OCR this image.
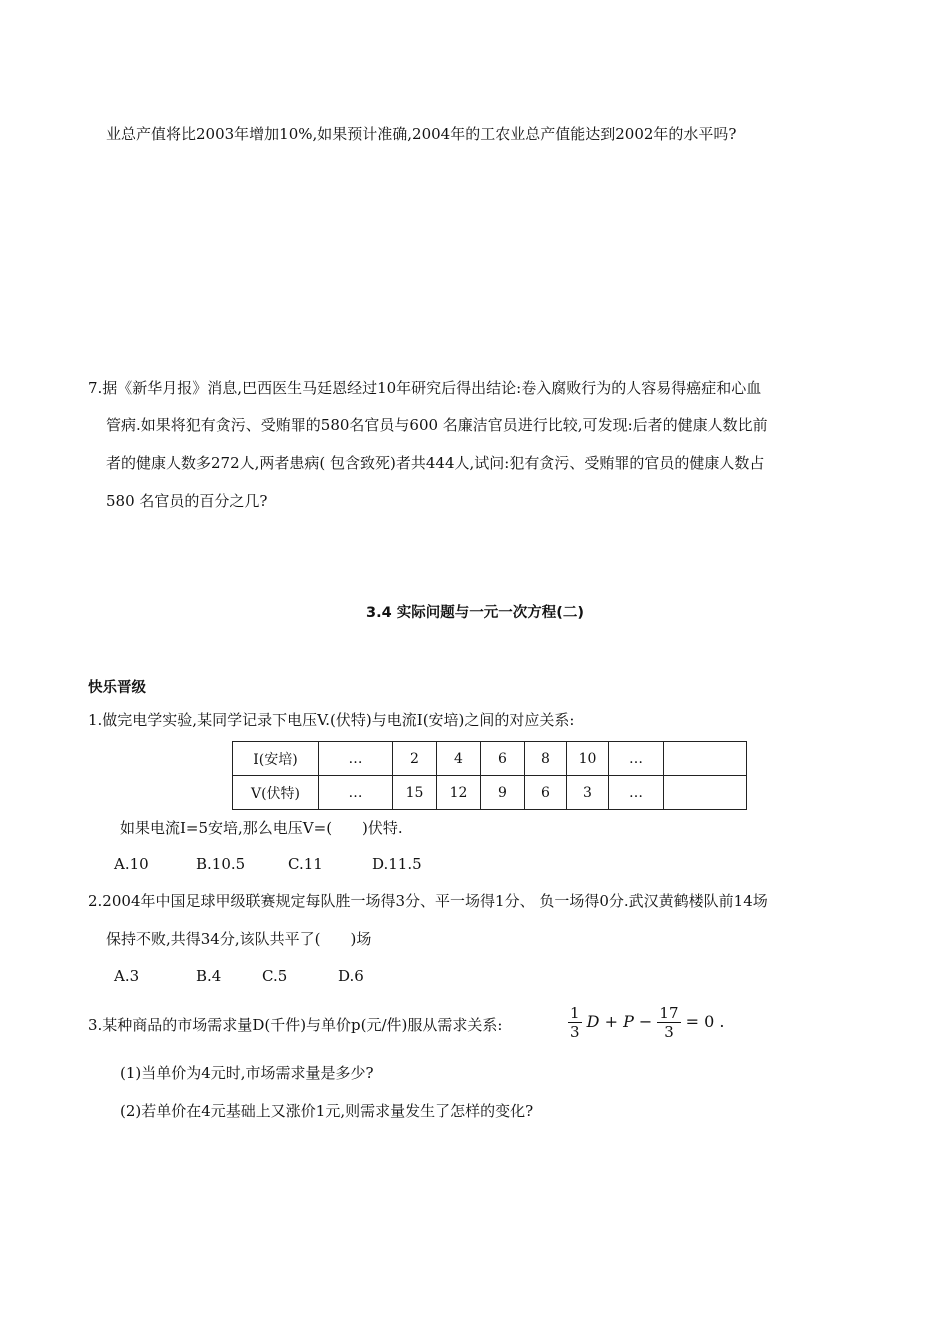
业总产值将比2003年增加10%,如果预计准确,2004年的工农业总产值能达到2002年的水平吗?
7.据《新华月报》消息,巴西医生马廷恩经过10年研究后得出结论:卷入腐败行为的人容易得癌症和心血
管病.如果将犯有贪污、受贿罪的580名官员与600 名廉洁官员进行比较,可发现:后者的健康人数比前
者的健康人数多272人,两者患病( 包含致死)者共444人,试问:犯有贪污、受贿罪的官员的健康人数占
580 名官员的百分之几?
3.4 实际问题与一元一次方程(二)
快乐晋级
1.做完电学实验,某同学记录下电压V.(伏特)与电流I(安培)之间的对应关系:
I(安培)	…	2	4	6	8	10	…	
V(伏特)	…	15	12	9	6	3	…	
如果电流I=5安培,那么电压V=(　　)伏特.
A.10	B.10.5	C.11	D.11.5
2.2004年中国足球甲级联赛规定每队胜一场得3分、平一场得1分、 负一场得0分.武汉黄鹤楼队前14场
保持不败,共得34分,该队共平了(　　)场
A.3	B.4	C.5	D.6
3.某种商品的市场需求量D(千件)与单价p(元/件)服从需求关系:	$\frac{1}{3}$ $D + P - \frac{17}{3} = 0$ .
(1)当单价为4元时,市场需求量是多少?
(2)若单价在4元基础上又涨价1元,则需求量发生了怎样的变化?
